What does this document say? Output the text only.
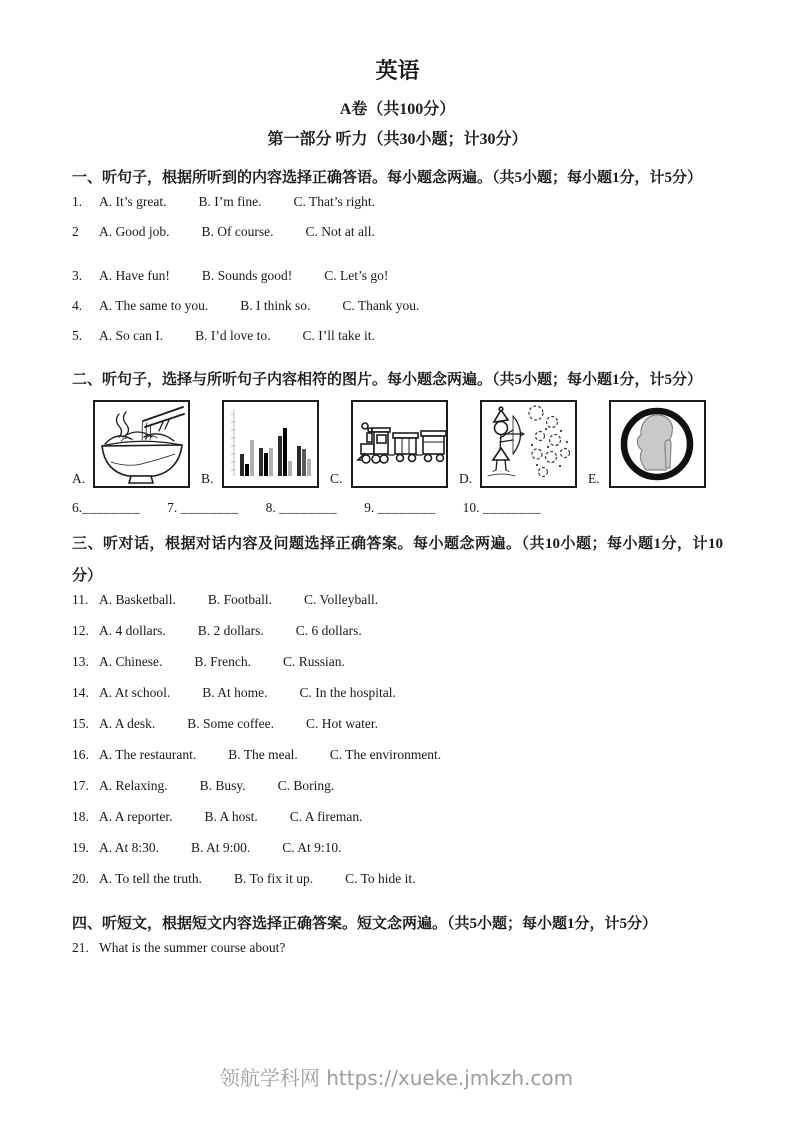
英语
A卷（共100分）
第一部分 听力（共30小题；计30分）

一、听句子，根据所听到的内容选择正确答语。每小题念两遍。（共5小题；每小题1分，计5分）

1.	A. It’s great. B. I’m fine. C. That’s right.
2	A. Good job. B. Of course. C. Not at all.
3.	A. Have fun! B. Sounds good! C. Let’s go!
4.	A. The same to you. B. I think so. C. Thank you.
5.	A. So can I. B. I’d love to. C. I’ll take it.

二、听句子，选择与所听句子内容相符的图片。每小题念两遍。（共5小题；每小题1分，计5分）

A.	B.	C.	D.	E.
6.________ 7. ________ 8. ________ 9. ________ 10. ________

三、听对话，根据对话内容及问题选择正确答案。每小题念两遍。（共10小题；每小题1分，计10分）

11. A. Basketball. B. Football. C. Volleyball.
12. A. 4 dollars. B. 2 dollars. C. 6 dollars.
13. A. Chinese. B. French. C. Russian.
14. A. At school. B. At home. C. In the hospital.
15. A. A desk. B. Some coffee. C. Hot water.
16. A. The restaurant. B. The meal. C. The environment.
17. A. Relaxing. B. Busy. C. Boring.
18. A. A reporter. B. A host. C. A fireman.
19. A. At 8:30. B. At 9:00. C. At 9:10.
20. A. To tell the truth. B. To fix it up. C. To hide it.

四、听短文，根据短文内容选择正确答案。短文念两遍。（共5小题；每小题1分，计5分）

21. What is the summer course about?
领航学科网 https://xueke.jmkzh.com
